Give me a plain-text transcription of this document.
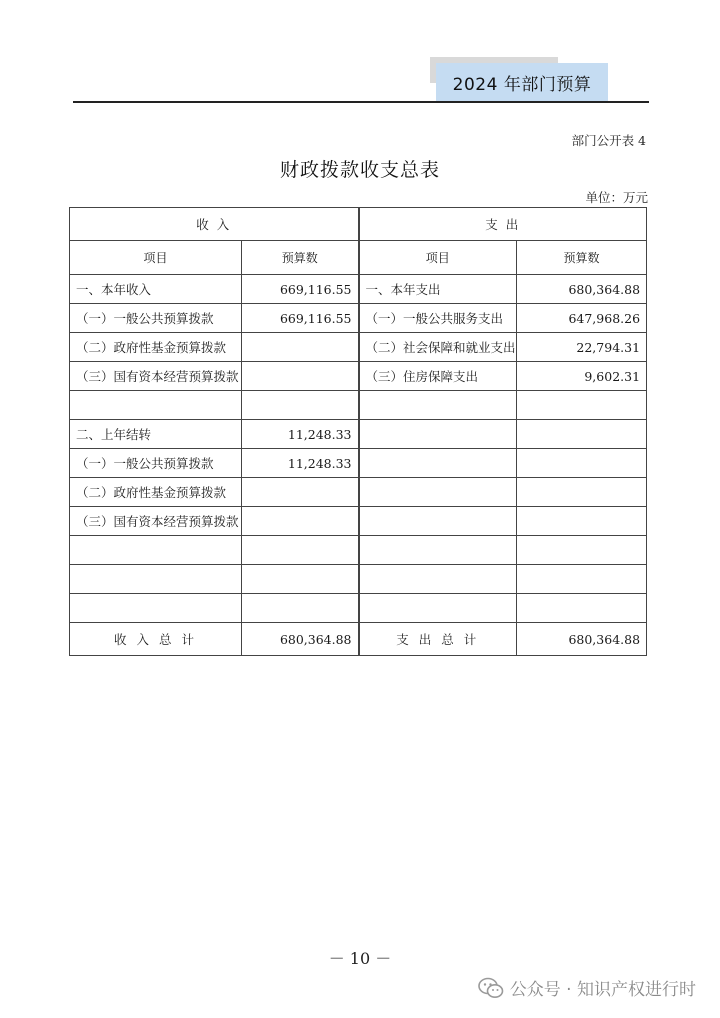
2024 年部门预算
部门公开表 4
财政拨款收支总表
单位：万元
收 入		支 出	
项目	预算数	项目	预算数
一、本年收入	669,116.55	一、本年支出	680,364.88
（一）一般公共预算拨款	669,116.55	（一）一般公共服务支出	647,968.26
（二）政府性基金预算拨款		（二）社会保障和就业支出	22,794.31
（三）国有资本经营预算拨款		（三）住房保障支出	9,602.31

二、上年结转	11,248.33		
（一）一般公共预算拨款	11,248.33		
（二）政府性基金预算拨款			
（三）国有资本经营预算拨款			

收 入 总 计	680,364.88	支 出 总 计	680,364.88
－ 10 －
公众号 · 知识产权进行时
